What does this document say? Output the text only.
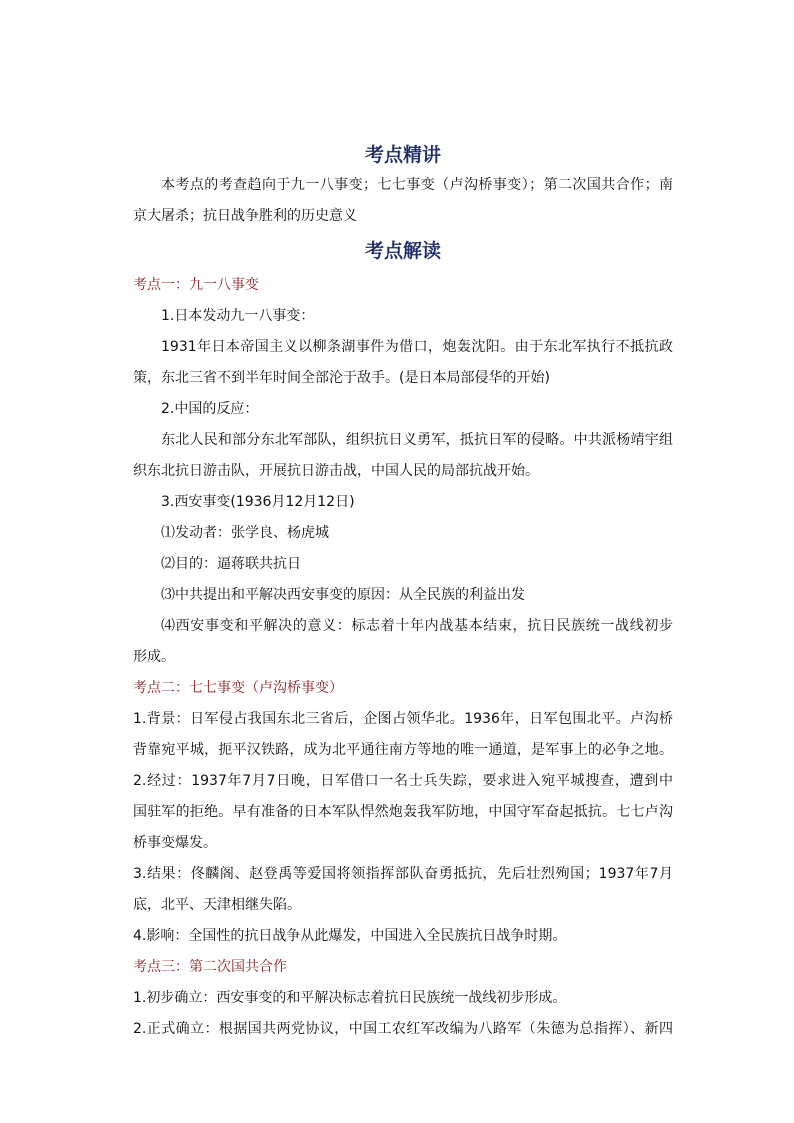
考点精讲
本考点的考查趋向于九一八事变；七七事变（卢沟桥事变）；第二次国共合作；南
京大屠杀；抗日战争胜利的历史意义
考点解读
考点一：九一八事变
1.日本发动九一八事变：
1931年日本帝国主义以柳条湖事件为借口，炮轰沈阳。由于东北军执行不抵抗政
策，东北三省不到半年时间全部沦于敌手。(是日本局部侵华的开始)
2.中国的反应：
东北人民和部分东北军部队，组织抗日义勇军，抵抗日军的侵略。中共派杨靖宇组
织东北抗日游击队，开展抗日游击战，中国人民的局部抗战开始。
3.西安事变(1936月12月12日)
⑴发动者：张学良、杨虎城
⑵目的：逼蒋联共抗日
⑶中共提出和平解决西安事变的原因：从全民族的利益出发
⑷西安事变和平解决的意义：标志着十年内战基本结束，抗日民族统一战线初步
形成。
考点二：七七事变（卢沟桥事变）
1.背景：日军侵占我国东北三省后，企图占领华北。1936年，日军包围北平。卢沟桥
背靠宛平城，扼平汉铁路，成为北平通往南方等地的唯一通道，是军事上的必争之地。
2.经过：1937年7月7日晚，日军借口一名士兵失踪，要求进入宛平城搜查，遭到中
国驻军的拒绝。早有准备的日本军队悍然炮轰我军防地，中国守军奋起抵抗。七七卢沟
桥事变爆发。
3.结果：佟麟阁、赵登禹等爱国将领指挥部队奋勇抵抗，先后壮烈殉国；1937年7月
底，北平、天津相继失陷。
4.影响：全国性的抗日战争从此爆发，中国进入全民族抗日战争时期。
考点三：第二次国共合作
1.初步确立：西安事变的和平解决标志着抗日民族统一战线初步形成。
2.正式确立：根据国共两党协议，中国工农红军改编为八路军（朱德为总指挥）、新四
